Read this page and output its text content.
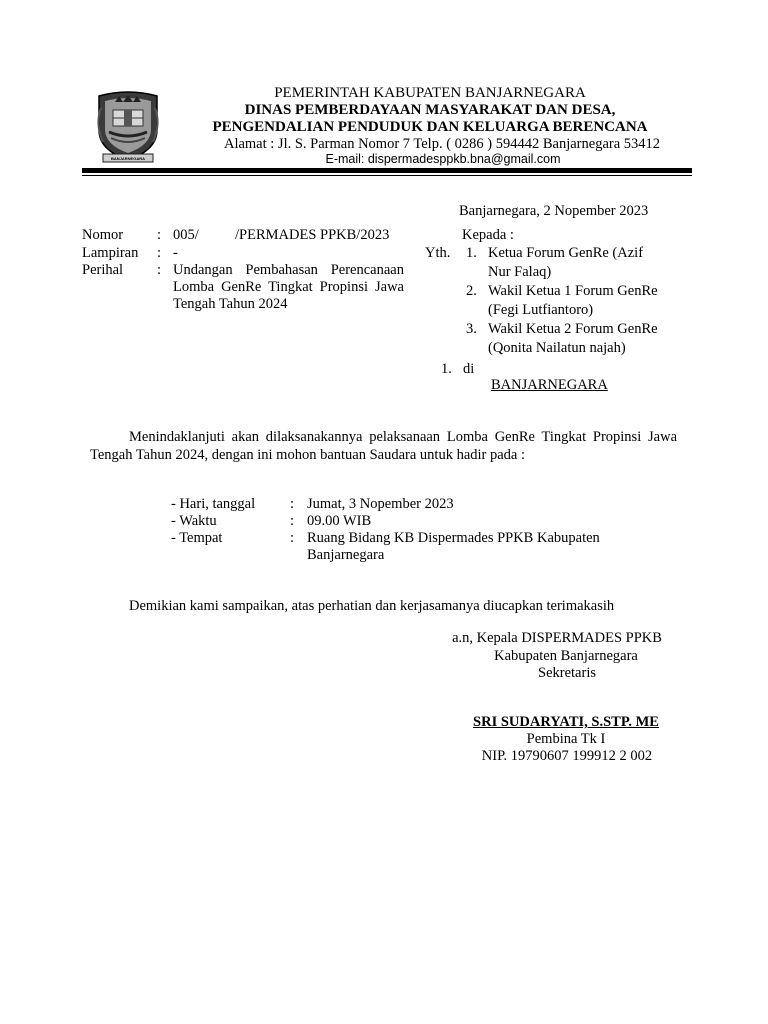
BANJARNEGARA
PEMERINTAH KABUPATEN BANJARNEGARA
DINAS PEMBERDAYAAN MASYARAKAT DAN DESA,
PENGENDALIAN PENDUDUK DAN KELUARGA BERENCANA
Alamat : Jl. S. Parman Nomor 7 Telp. ( 0286 ) 594442 Banjarnegara 53412
E-mail: dispermadesppkb.bna@gmail.com
Banjarnegara, 2 Nopember 2023
Nomor : 005/          /PERMADES PPKB/2023
Lampiran : -
Perihal : Undangan Pembahasan Perencanaan Lomba GenRe Tingkat Propinsi Jawa Tengah Tahun 2024
Kepada :
Yth. 1. Ketua Forum GenRe (Azif
Nur Falaq)
2. Wakil Ketua 1 Forum GenRe
(Fegi Lutfiantoro)
3. Wakil Ketua 2 Forum GenRe
(Qonita Nailatun najah)
1. di
BANJARNEGARA
Menindaklanjuti akan dilaksanakannya pelaksanaan Lomba GenRe Tingkat Propinsi Jawa Tengah Tahun 2024, dengan ini mohon bantuan Saudara untuk hadir pada :
- Hari, tanggal : Jumat, 3 Nopember 2023
- Waktu	: 09.00 WIB
- Tempat	: Ruang Bidang KB Dispermades PPKB Kabupaten
Banjarnegara
Demikian kami sampaikan, atas perhatian dan kerjasamanya diucapkan terimakasih
a.n, Kepala DISPERMADES PPKB
Kabupaten Banjarnegara
Sekretaris
SRI SUDARYATI, S.STP. ME
Pembina Tk I
NIP. 19790607 199912 2 002
